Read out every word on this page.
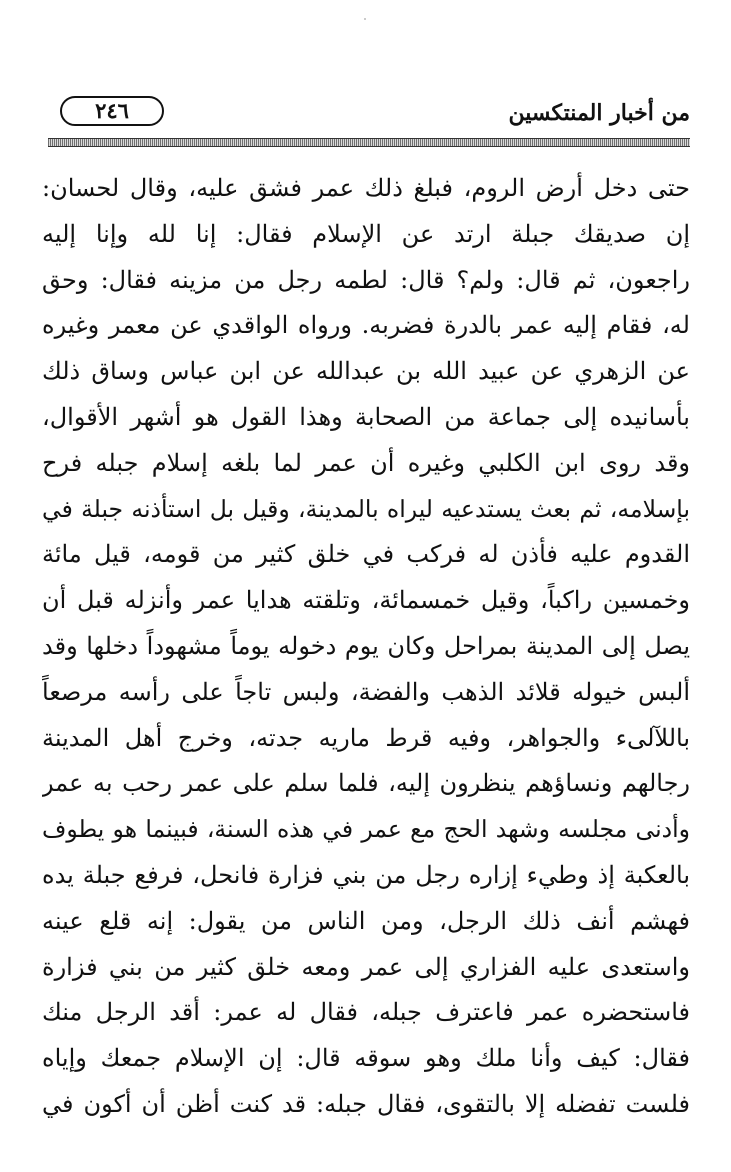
من أخبار المنتكسين
٢٤٦
حتى دخل أرض الروم، فبلغ ذلك عمر فشق عليه، وقال لحسان:
إن صديقك جبلة ارتد عن الإسلام فقال: إنا لله وإنا إليه
راجعون، ثم قال: ولم؟ قال: لطمه رجل من مزينه فقال: وحق
له، فقام إليه عمر بالدرة فضربه. ورواه الواقدي عن معمر وغيره
عن الزهري عن عبيد الله بن عبدالله عن ابن عباس وساق ذلك
بأسانيده إلى جماعة من الصحابة وهذا القول هو أشهر الأقوال،
وقد روى ابن الكلبي وغيره أن عمر لما بلغه إسلام جبله فرح
بإسلامه، ثم بعث يستدعيه ليراه بالمدينة، وقيل بل استأذنه جبلة في
القدوم عليه فأذن له فركب في خلق كثير من قومه، قيل مائة
وخمسين راكباً، وقيل خمسمائة، وتلقته هدايا عمر وأنزله قبل أن
يصل إلى المدينة بمراحل وكان يوم دخوله يوماً مشهوداً دخلها وقد
ألبس خيوله قلائد الذهب والفضة، ولبس تاجاً على رأسه مرصعاً
باللآلىء والجواهر، وفيه قرط ماريه جدته، وخرج أهل المدينة
رجالهم ونساؤهم ينظرون إليه، فلما سلم على عمر رحب به عمر
وأدنى مجلسه وشهد الحج مع عمر في هذه السنة، فبينما هو يطوف
بالعكبة إذ وطيء إزاره رجل من بني فزارة فانحل، فرفع جبلة يده
فهشم أنف ذلك الرجل، ومن الناس من يقول: إنه قلع عينه
واستعدى عليه الفزاري إلى عمر ومعه خلق كثير من بني فزارة
فاستحضره عمر فاعترف جبله، فقال له عمر: أقد الرجل منك
فقال: كيف وأنا ملك وهو سوقه قال: إن الإسلام جمعك وإياه
فلست تفضله إلا بالتقوى، فقال جبله: قد كنت أظن أن أكون في
